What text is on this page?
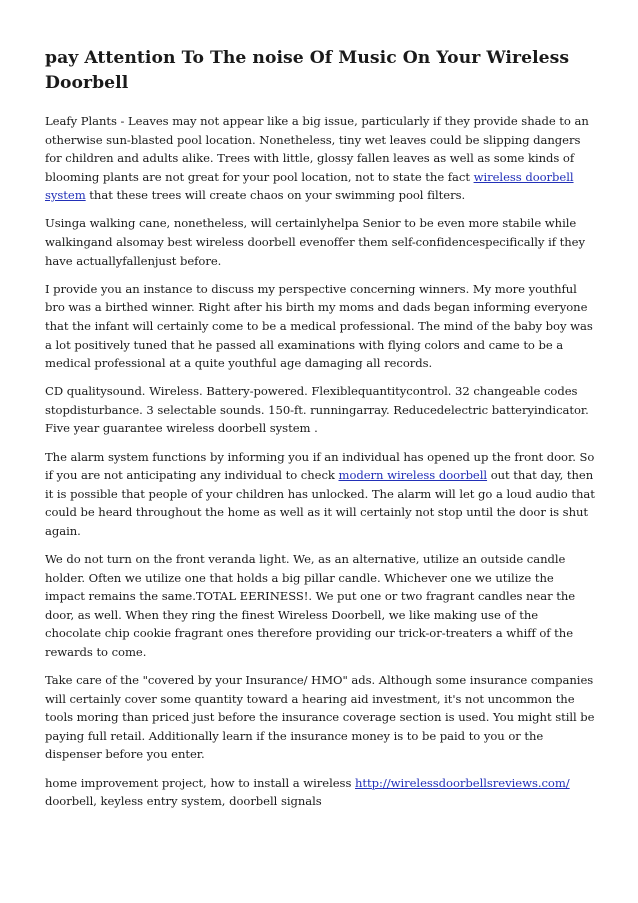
pay Attention To The noise Of Music On Your Wireless Doorbell

Leafy Plants - Leaves may not appear like a big issue, particularly if they provide shade to an otherwise sun-blasted pool location. Nonetheless, tiny wet leaves could be slipping dangers for children and adults alike. Trees with little, glossy fallen leaves as well as some kinds of blooming plants are not great for your pool location, not to state the fact wireless doorbell system that these trees will create chaos on your swimming pool filters.

Usinga walking cane, nonetheless, will certainlyhelpa Senior to be even more stabile while walkingand alsomay best wireless doorbell evenoffer them self-confidencespecifically if they have actuallyfallenjust before.

I provide you an instance to discuss my perspective concerning winners. My more youthful bro was a birthed winner. Right after his birth my moms and dads began informing everyone that the infant will certainly come to be a medical professional. The mind of the baby boy was a lot positively tuned that he passed all examinations with flying colors and came to be a medical professional at a quite youthful age damaging all records.

CD qualitysound. Wireless. Battery-powered. Flexiblequantitycontrol. 32 changeable codes stopdisturbance. 3 selectable sounds. 150-ft. runningarray. Reducedelectric batteryindicator. Five year guarantee wireless doorbell system .

The alarm system functions by informing you if an individual has opened up the front door. So if you are not anticipating any individual to check modern wireless doorbell out that day, then it is possible that people of your children has unlocked. The alarm will let go a loud audio that could be heard throughout the home as well as it will certainly not stop until the door is shut again.

We do not turn on the front veranda light. We, as an alternative, utilize an outside candle holder. Often we utilize one that holds a big pillar candle. Whichever one we utilize the impact remains the same.TOTAL EERINESS!. We put one or two fragrant candles near the door, as well. When they ring the finest Wireless Doorbell, we like making use of the chocolate chip cookie fragrant ones therefore providing our trick-or-treaters a whiff of the rewards to come.

Take care of the "covered by your Insurance/ HMO" ads. Although some insurance companies will certainly cover some quantity toward a hearing aid investment, it's not uncommon the tools moring than priced just before the insurance coverage section is used. You might still be paying full retail. Additionally learn if the insurance money is to be paid to you or the dispenser before you enter.

home improvement project, how to install a wireless http://wirelessdoorbellsreviews.com/ doorbell, keyless entry system, doorbell signals
